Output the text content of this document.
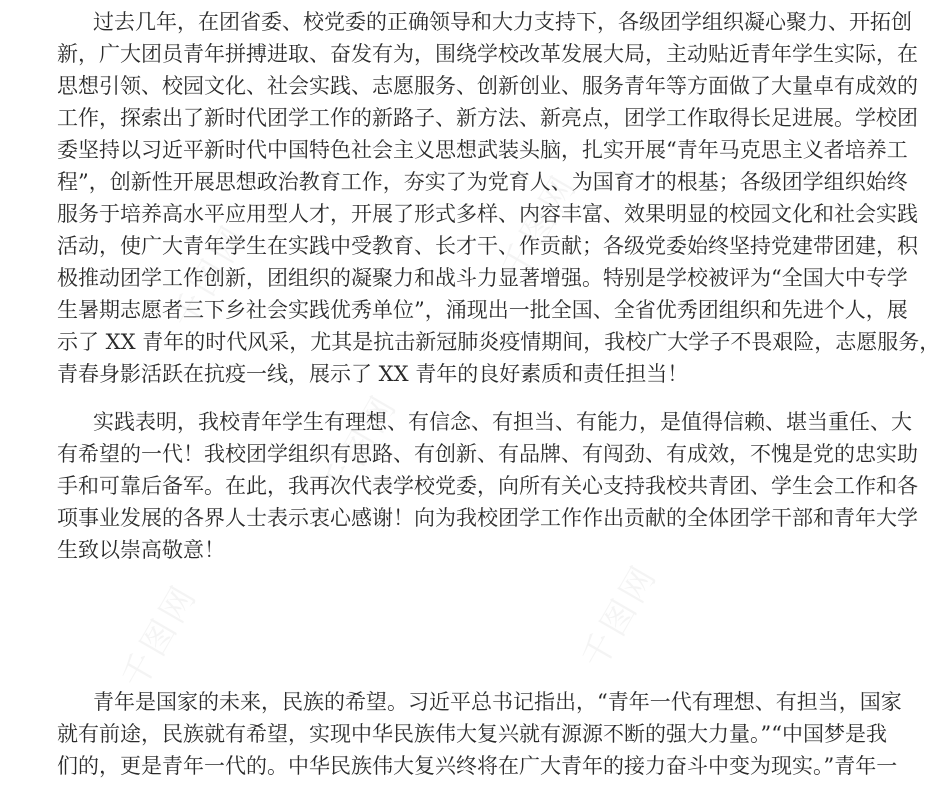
过去几年，在团省委、校党委的正确领导和大力支持下，各级团学组织凝心聚力、开拓创
新，广大团员青年拼搏进取、奋发有为，围绕学校改革发展大局，主动贴近青年学生实际，在
思想引领、校园文化、社会实践、志愿服务、创新创业、服务青年等方面做了大量卓有成效的
工作，探索出了新时代团学工作的新路子、新方法、新亮点，团学工作取得长足进展。学校团
委坚持以习近平新时代中国特色社会主义思想武装头脑，扎实开展“青年马克思主义者培养工
程”，创新性开展思想政治教育工作，夯实了为党育人、为国育才的根基；各级团学组织始终
服务于培养高水平应用型人才，开展了形式多样、内容丰富、效果明显的校园文化和社会实践
活动，使广大青年学生在实践中受教育、长才干、作贡献；各级党委始终坚持党建带团建，积
极推动团学工作创新，团组织的凝聚力和战斗力显著增强。特别是学校被评为“全国大中专学
生暑期志愿者三下乡社会实践优秀单位”，涌现出一批全国、全省优秀团组织和先进个人，展
示了 XX 青年的时代风采，尤其是抗击新冠肺炎疫情期间，我校广大学子不畏艰险，志愿服务，
青春身影活跃在抗疫一线，展示了 XX 青年的良好素质和责任担当！
实践表明，我校青年学生有理想、有信念、有担当、有能力，是值得信赖、堪当重任、大
有希望的一代！我校团学组织有思路、有创新、有品牌、有闯劲、有成效，不愧是党的忠实助
手和可靠后备军。在此，我再次代表学校党委，向所有关心支持我校共青团、学生会工作和各
项事业发展的各界人士表示衷心感谢！向为我校团学工作作出贡献的全体团学干部和青年大学
生致以崇高敬意！
青年是国家的未来，民族的希望。习近平总书记指出，“青年一代有理想、有担当，国家
就有前途，民族就有希望，实现中华民族伟大复兴就有源源不断的强大力量。”“中国梦是我
们的，更是青年一代的。中华民族伟大复兴终将在广大青年的接力奋斗中变为现实。”青年一
千图网	千图网
千图网
千图网	千图网
